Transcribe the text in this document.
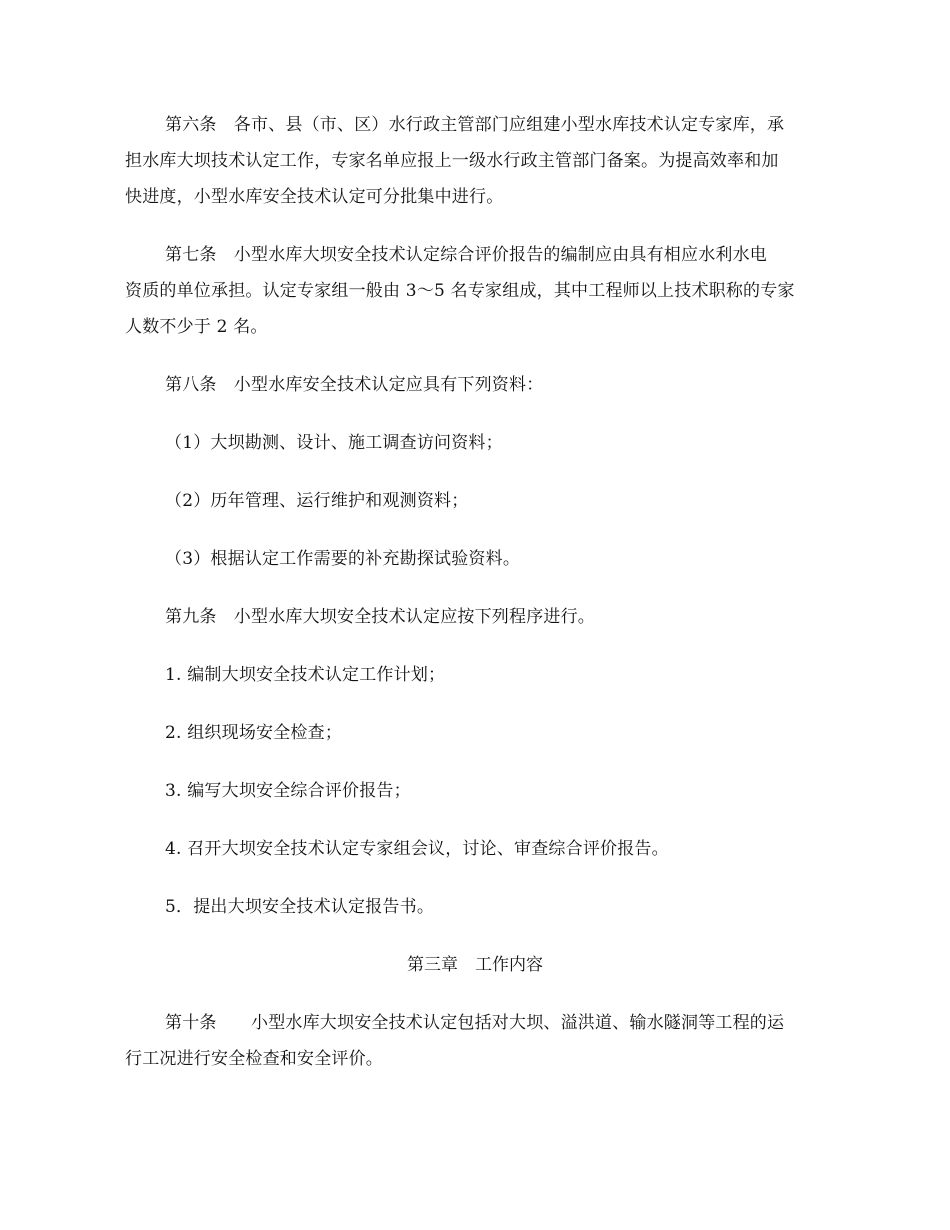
第六条　各市、县（市、区）水行政主管部门应组建小型水库技术认定专家库，承
担水库大坝技术认定工作，专家名单应报上一级水行政主管部门备案。为提高效率和加
快进度，小型水库安全技术认定可分批集中进行。
第七条　小型水库大坝安全技术认定综合评价报告的编制应由具有相应水利水电
资质的单位承担。认定专家组一般由 3～5 名专家组成，其中工程师以上技术职称的专家
人数不少于 2 名。
第八条　小型水库安全技术认定应具有下列资料：
（1）大坝勘测、设计、施工调查访问资料；
（2）历年管理、运行维护和观测资料；
（3）根据认定工作需要的补充勘探试验资料。
第九条　小型水库大坝安全技术认定应按下列程序进行。
1. 编制大坝安全技术认定工作计划；
2. 组织现场安全检查；
3. 编写大坝安全综合评价报告；
4. 召开大坝安全技术认定专家组会议，讨论、审查综合评价报告。
5．提出大坝安全技术认定报告书。
第三章　工作内容
第十条　　小型水库大坝安全技术认定包括对大坝、溢洪道、输水隧洞等工程的运
行工况进行安全检查和安全评价。
